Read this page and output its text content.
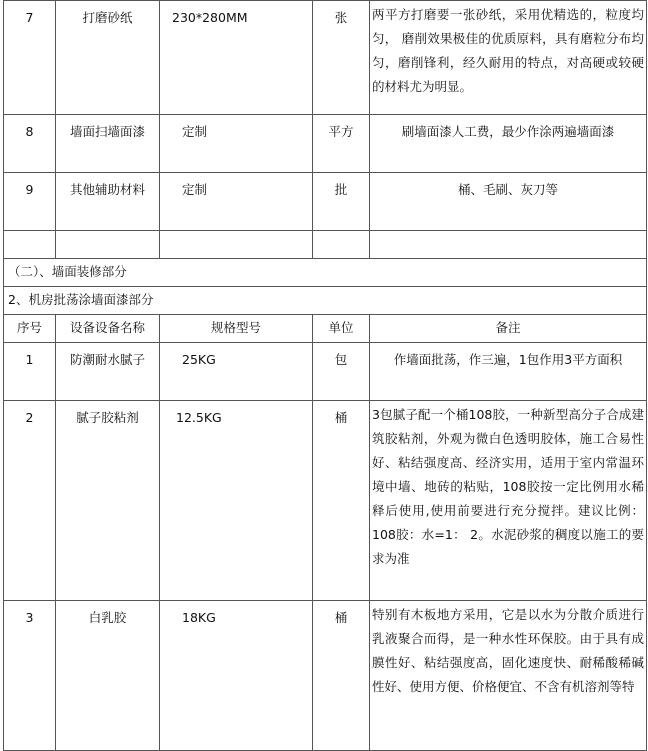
7	打磨砂纸	230*280MM	张	两平方打磨要一张砂纸，采用优精选的，粒度均匀， 磨削效果极佳的优质原料，具有磨粒分布均匀，磨削锋利，经久耐用的特点，对高硬或较硬的材料尤为明显。
8	墙面扫墙面漆	定制	平方	刷墙面漆人工费，最少作涂两遍墙面漆
9	其他辅助材料	定制	批	桶、毛刷、灰刀等

（二）、墙面装修部分				
2、机房批荡涂墙面漆部分				
序号	设备设备名称	规格型号	单位	备注
1	防潮耐水腻子	25KG	包	作墙面批荡，作三遍，1包作用3平方面积
2	腻子胶粘剂	12.5KG	桶	3包腻子配一个桶108胶，一种新型高分子合成建筑胶粘剂，外观为微白色透明胶体，施工合易性好、粘结强度高、经济实用，适用于室内常温环境中墙、地砖的粘贴，108胶按一定比例用水稀释后使用,使用前要进行充分搅拌。建议比例：108胶：水=1： 2。水泥砂浆的稠度以施工的要求为准
3	白乳胶	18KG	桶	特别有木板地方采用，它是以水为分散介质进行乳液聚合而得，是一种水性环保胶。由于具有成膜性好、粘结强度高，固化速度快、耐稀酸稀碱性好、使用方便、价格便宜、不含有机溶剂等特
